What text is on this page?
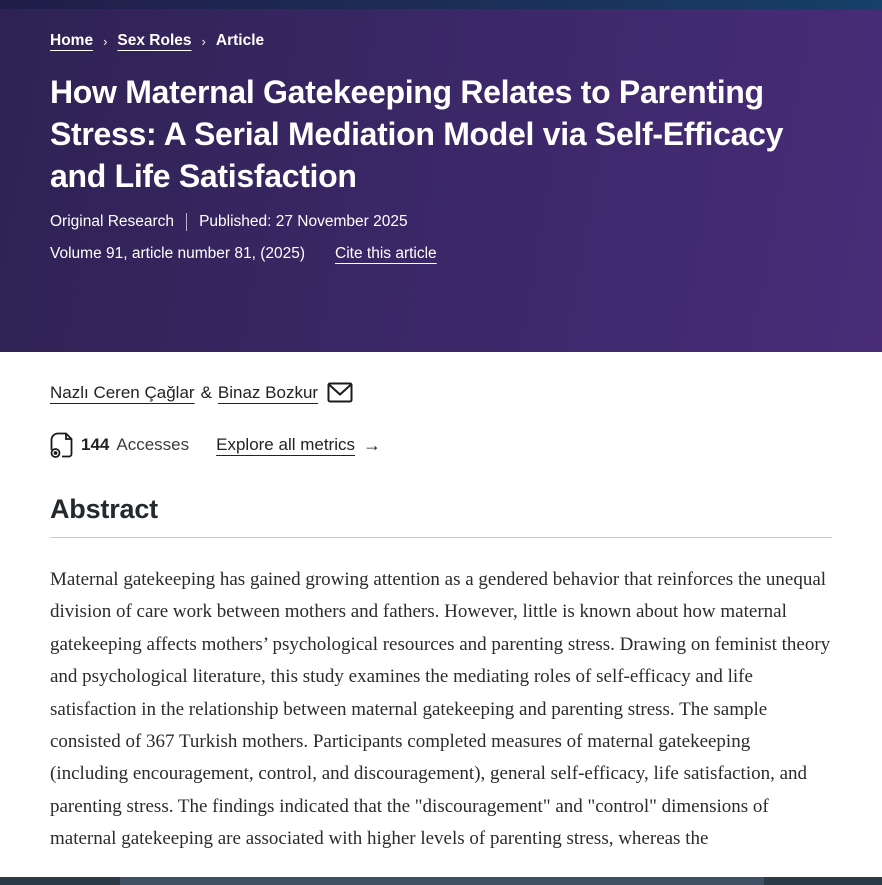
Home › Sex Roles › Article
How Maternal Gatekeeping Relates to Parenting Stress: A Serial Mediation Model via Self-Efficacy and Life Satisfaction
Original Research Published: 27 November 2025
Volume 91, article number 81, (2025) Cite this article
Nazlı Ceren Çağlar & Binaz Bozkur
144 Accesses Explore all metrics →
Abstract

Maternal gatekeeping has gained growing attention as a gendered behavior that reinforces the unequal division of care work between mothers and fathers. However, little is known about how maternal gatekeeping affects mothers’ psychological resources and parenting stress. Drawing on feminist theory and psychological literature, this study examines the mediating roles of self-efficacy and life satisfaction in the relationship between maternal gatekeeping and parenting stress. The sample consisted of 367 Turkish mothers. Participants completed measures of maternal gatekeeping (including encouragement, control, and discouragement), general self-efficacy, life satisfaction, and parenting stress. The findings indicated that the "discouragement" and "control" dimensions of maternal gatekeeping are associated with higher levels of parenting stress, whereas the
